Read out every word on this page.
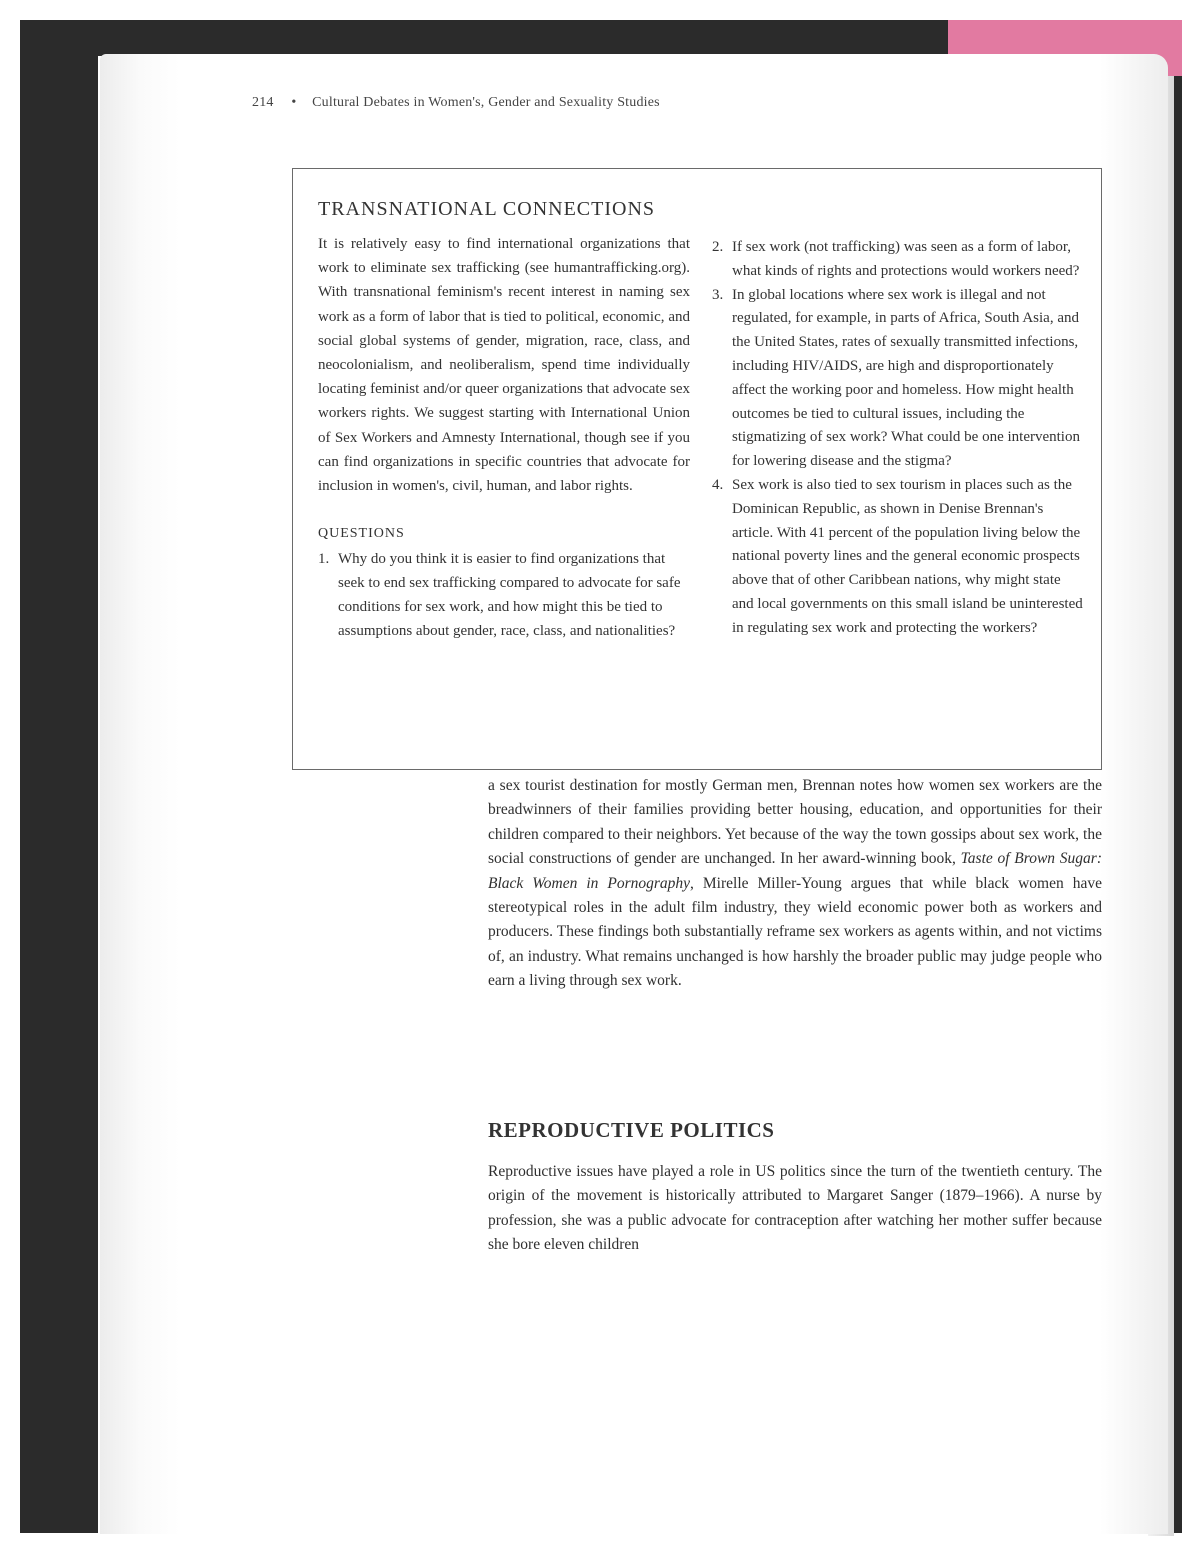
214 • Cultural Debates in Women's, Gender and Sexuality Studies
TRANSNATIONAL CONNECTIONS

It is relatively easy to find international organizations that work to eliminate sex trafficking (see humantrafficking.org). With transnational feminism's recent interest in naming sex work as a form of labor that is tied to political, economic, and social global systems of gender, migration, race, class, and neocolonialism, and neoliberalism, spend time individually locating feminist and/or queer organizations that advocate sex workers rights. We suggest starting with International Union of Sex Workers and Amnesty International, though see if you can find organizations in specific countries that advocate for inclusion in women's, civil, human, and labor rights.

QUESTIONS
1. Why do you think it is easier to find organizations that seek to end sex trafficking compared to advocate for safe conditions for sex work, and how might this be tied to assumptions about gender, race, class, and nationalities?
2. If sex work (not trafficking) was seen as a form of labor, what kinds of rights and protections would workers need?
3. In global locations where sex work is illegal and not regulated, for example, in parts of Africa, South Asia, and the United States, rates of sexually transmitted infections, including HIV/AIDS, are high and disproportionately affect the working poor and homeless. How might health outcomes be tied to cultural issues, including the stigmatizing of sex work? What could be one intervention for lowering disease and the stigma?
4. Sex work is also tied to sex tourism in places such as the Dominican Republic, as shown in Denise Brennan's article. With 41 percent of the population living below the national poverty lines and the general economic prospects above that of other Caribbean nations, why might state and local governments on this small island be uninterested in regulating sex work and protecting the workers?

a sex tourist destination for mostly German men, Brennan notes how women sex workers are the breadwinners of their families providing better housing, education, and opportunities for their children compared to their neighbors. Yet because of the way the town gossips about sex work, the social constructions of gender are unchanged. In her award-winning book, Taste of Brown Sugar: Black Women in Pornography, Mirelle Miller-Young argues that while black women have stereotypical roles in the adult film industry, they wield economic power both as workers and producers. These findings both substantially reframe sex workers as agents within, and not victims of, an industry. What remains unchanged is how harshly the broader public may judge people who earn a living through sex work.

REPRODUCTIVE POLITICS

Reproductive issues have played a role in US politics since the turn of the twentieth century. The origin of the movement is historically attributed to Margaret Sanger (1879–1966). A nurse by profession, she was a public advocate for contraception after watching her mother suffer because she bore eleven children
